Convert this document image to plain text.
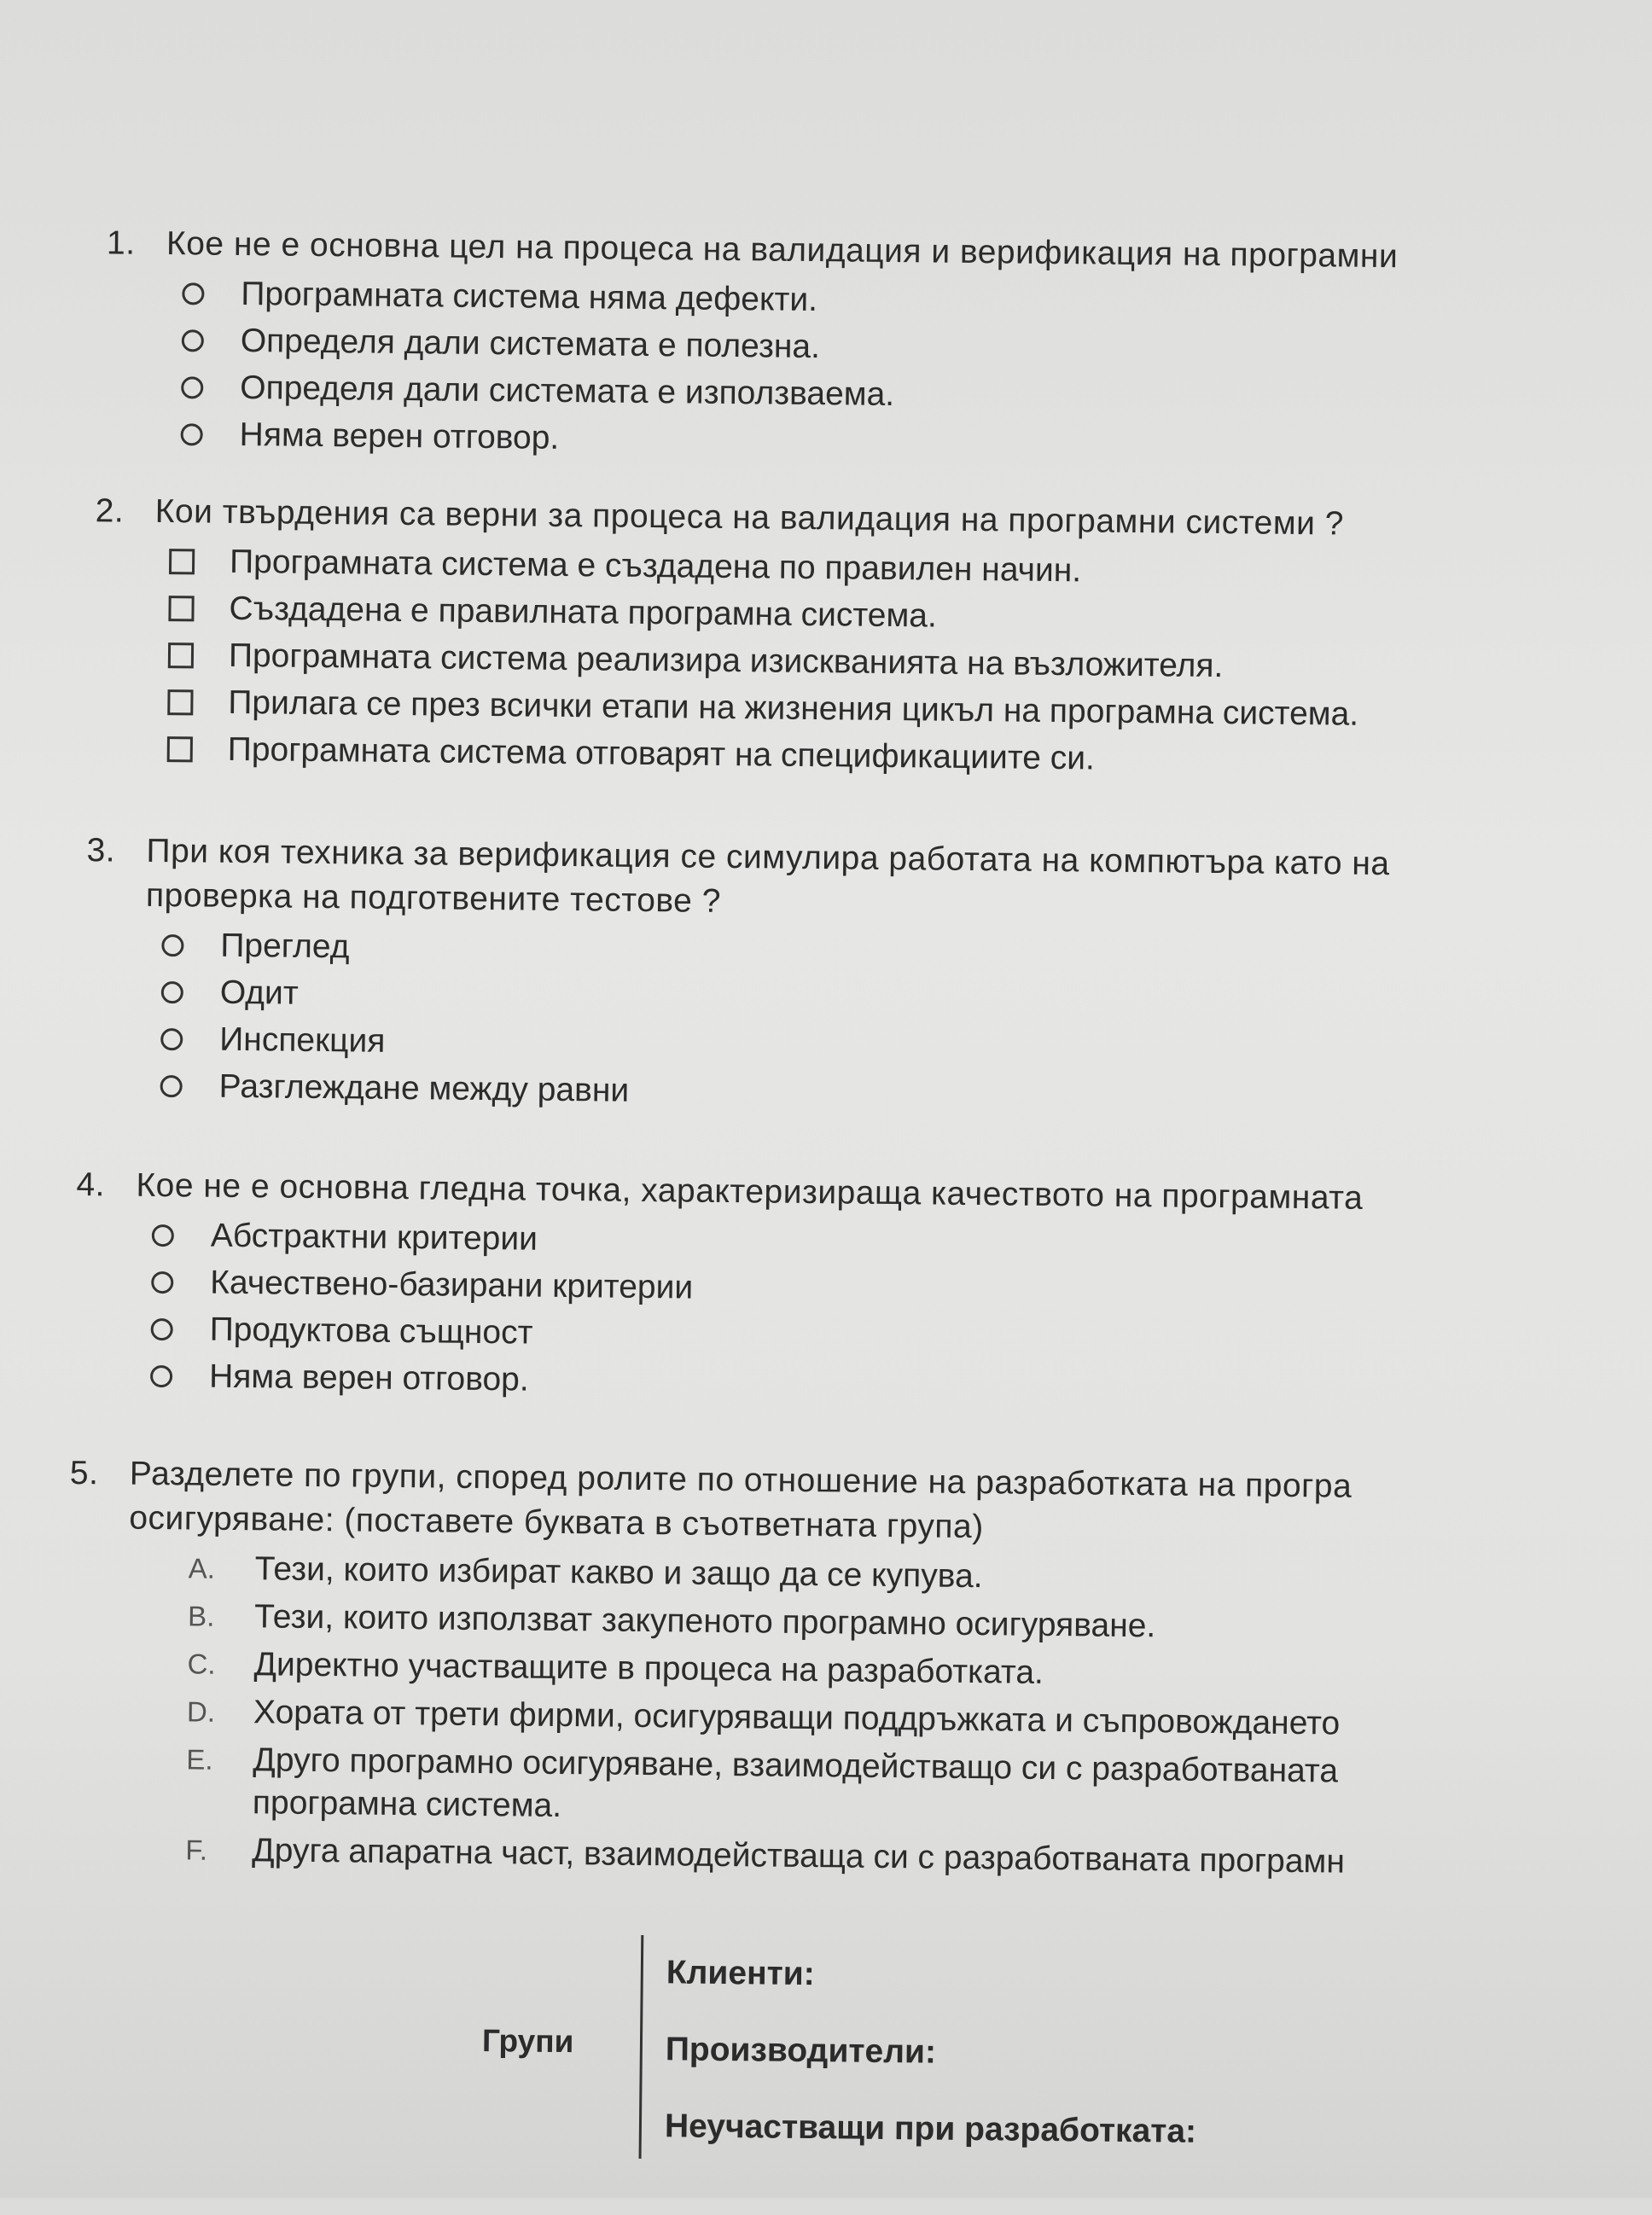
1. Кое не е основна цел на процеса на валидация и верификация на програмни
Програмната система няма дефекти.
Определя дали системата е полезна.
Определя дали системата е използваема.
Няма верен отговор.
2. Кои твърдения са верни за процеса на валидация на програмни системи ?
Програмната система е създадена по правилен начин.
Създадена е правилната програмна система.
Програмната система реализира изискванията на възложителя.
Прилага се през всички етапи на жизнения цикъл на програмна система.
Програмната система отговарят на спецификациите си.
3. При коя техника за верификация се симулира работата на компютъра като на
проверка на подготвените тестове ?
Преглед
Одит
Инспекция
Разглеждане между равни
4. Кое не е основна гледна точка, характеризираща качеството на програмната
Абстрактни критерии
Качествено-базирани критерии
Продуктова същност
Няма верен отговор.
5. Разделете по групи, според ролите по отношение на разработката на програ
осигуряване: (поставете буквата в съответната група)
A.	Тези, които избират какво и защо да се купува.
B.	Тези, които използват закупеното програмно осигуряване.
C. Директно участващите в процеса на разработката.
D. Хората от трети фирми, осигуряващи поддръжката и съпровождането
E.	Друго програмно осигуряване, взаимодействащо си с разработваната
програмна система.
F.	Друга апаратна част, взаимодействаща си с разработваната програмн
Групи
Клиенти:
Производители:
Неучастващи при разработката:
